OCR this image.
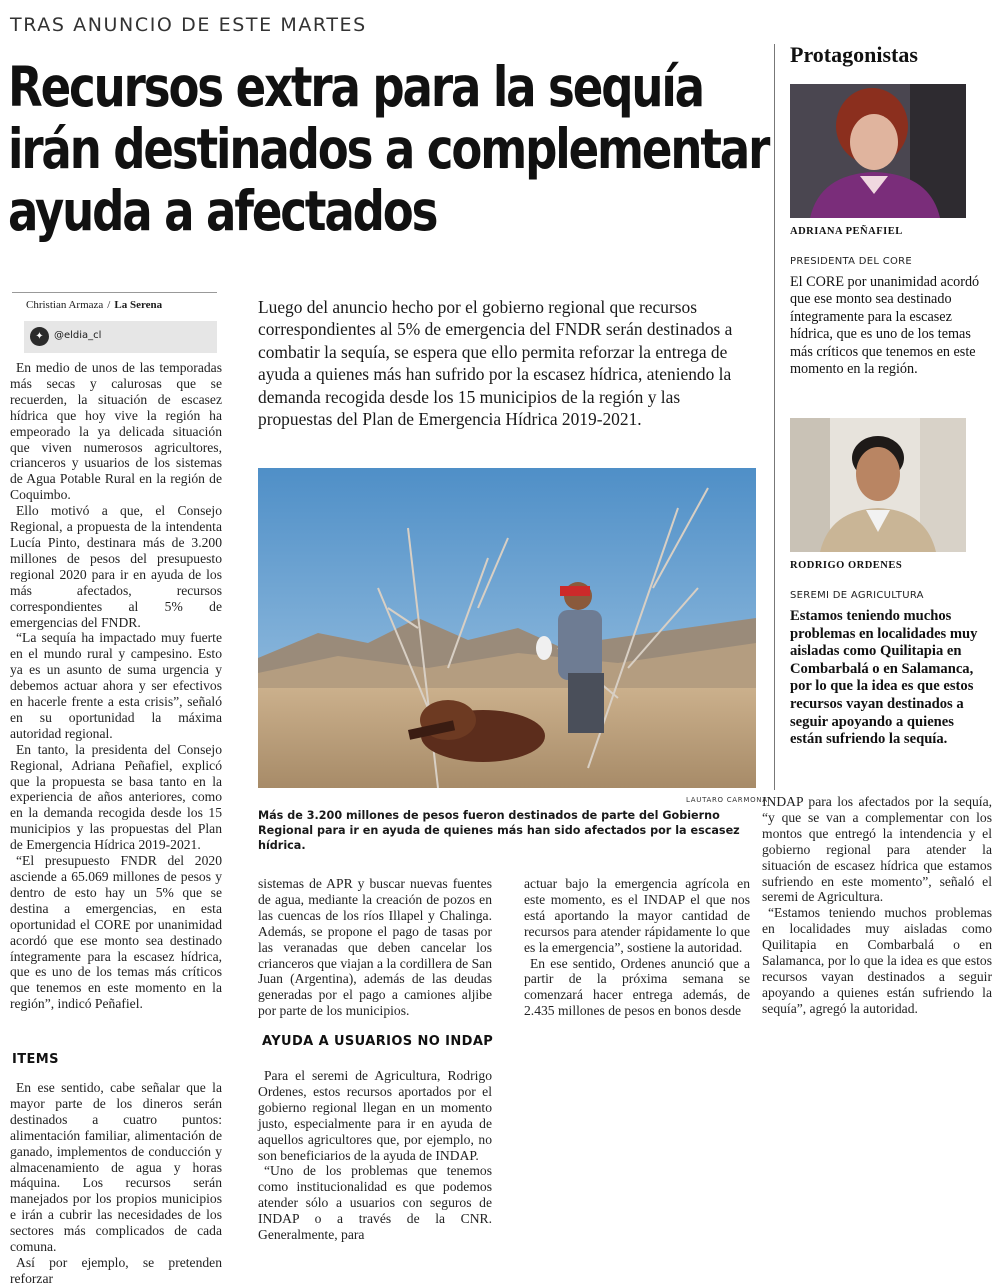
TRAS ANUNCIO DE ESTE MARTES
Recursos extra para la sequía
irán destinados a complementar
ayuda a afectados
Christian Armaza / La Serena
✦	@eldia_cl

En medio de unos de las temporadas más secas y calurosas que se recuerden, la situación de escasez hídrica que hoy vive la región ha empeorado la ya delicada situación que viven numerosos agricultores, crianceros y usuarios de los sistemas de Agua Potable Rural en la región de Coquimbo.

Ello motivó a que, el Consejo Regional, a propuesta de la intendenta Lucía Pinto, destinara más de 3.200 millones de pesos del presupuesto regional 2020 para ir en ayuda de los más afectados, recursos correspondientes al 5% de emergencias del FNDR.

“La sequía ha impactado muy fuerte en el mundo rural y campesino. Esto ya es un asunto de suma urgencia y debemos actuar ahora y ser efectivos en hacerle frente a esta crisis”, señaló en su oportunidad la máxima autoridad regional.

En tanto, la presidenta del Consejo Regional, Adriana Peñafiel, explicó que la propuesta se basa tanto en la experiencia de años anteriores, como en la demanda recogida desde los 15 municipios y las propuestas del Plan de Emergencia Hídrica 2019-2021.

“El presupuesto FNDR del 2020 asciende a 65.069 millones de pesos y dentro de esto hay un 5% que se destina a emergencias, en esta oportunidad el CORE por unanimidad acordó que ese monto sea destinado íntegramente para la escasez hídrica, que es uno de los temas más críticos que tenemos en este momento en la región”, indicó Peñafiel.

ITEMS

En ese sentido, cabe señalar que la mayor parte de los dineros serán destinados a cuatro puntos: alimentación familiar, alimentación de ganado, implementos de conducción y almacenamiento de agua y horas máquina. Los recursos serán manejados por los propios municipios e irán a cubrir las necesidades de los sectores más complicados de cada comuna.

Así por ejemplo, se pretenden reforzar

Luego del anuncio hecho por el gobierno regional que recursos correspondientes al 5% de emergencia del FNDR serán destinados a combatir la sequía, se espera que ello permita reforzar la entrega de ayuda a quienes más han sufrido por la escasez hídrica, ateniendo la demanda recogida desde los 15 municipios de la región y las propuestas del Plan de Emergencia Hídrica 2019-2021.
LAUTARO CARMONA
Más de 3.200 millones de pesos fueron destinados de parte del Gobierno Regional para ir en ayuda de quienes más han sido afectados por la escasez hídrica.

sistemas de APR y buscar nuevas fuentes de agua, mediante la creación de pozos en las cuencas de los ríos Illapel y Chalinga. Además, se propone el pago de tasas por las veranadas que deben cancelar los crianceros que viajan a la cordillera de San Juan (Argentina), además de las deudas generadas por el pago a camiones aljibe por parte de los municipios.

AYUDA A USUARIOS NO INDAP

Para el seremi de Agricultura, Rodrigo Ordenes, estos recursos aportados por el gobierno regional llegan en un momento justo, especialmente para ir en ayuda de aquellos agricultores que, por ejemplo, no son beneficiarios de la ayuda de INDAP.

“Uno de los problemas que tenemos como institucionalidad es que podemos atender sólo a usuarios con seguros de INDAP o a través de la CNR. Generalmente, para

actuar bajo la emergencia agrícola en este momento, es el INDAP el que nos está aportando la mayor cantidad de recursos para atender rápidamente lo que es la emergencia”, sostiene la autoridad.

En ese sentido, Ordenes anunció que a partir de la próxima semana se comenzará hacer entrega además, de 2.435 millones de pesos en bonos desde

INDAP para los afectados por la sequía, “y que se van a complementar con los montos que entregó la intendencia y el gobierno regional para atender la situación de escasez hídrica que estamos sufriendo en este momento”, señaló el seremi de Agricultura.

“Estamos teniendo muchos problemas en localidades muy aisladas como Quilitapia en Combarbalá o en Salamanca, por lo que la idea es que estos recursos vayan destinados a seguir apoyando a quienes están sufriendo la sequía”, agregó la autoridad.

Protagonistas
ADRIANA PEÑAFIEL
PRESIDENTA DEL CORE
El CORE por unanimidad acordó que ese monto sea destinado íntegramente para la escasez hídrica, que es uno de los temas más críticos que tenemos en este momento en la región.
RODRIGO ORDENES
SEREMI DE AGRICULTURA
Estamos teniendo muchos problemas en localidades muy aisladas como Quilitapia en Combarbalá o en Salamanca, por lo que la idea es que estos recursos vayan destinados a seguir apoyando a quienes están sufriendo la sequía.
